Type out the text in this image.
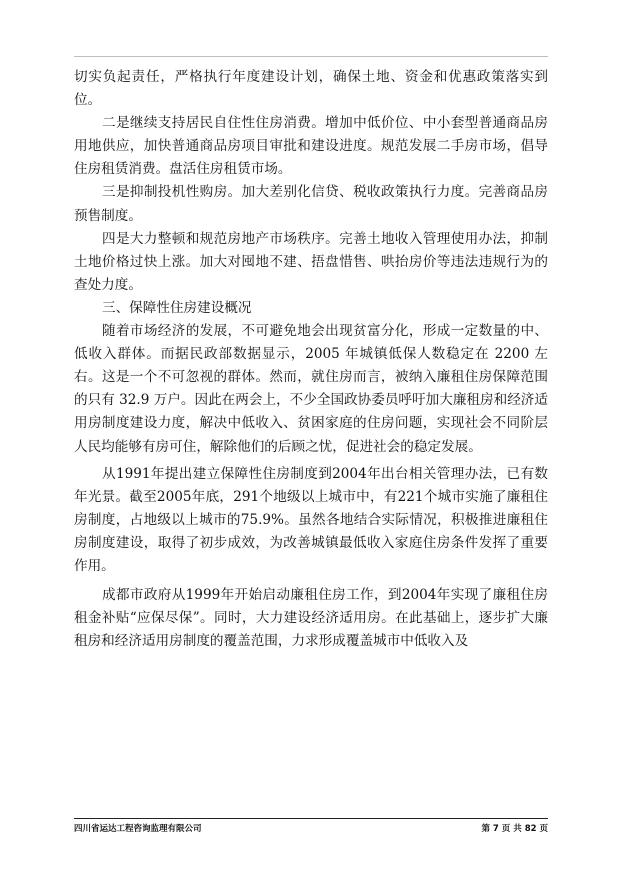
切实负起责任，严格执行年度建设计划，确保土地、资金和优惠政策落实到位。

二是继续支持居民自住性住房消费。增加中低价位、中小套型普通商品房用地供应，加快普通商品房项目审批和建设进度。规范发展二手房市场，倡导住房租赁消费。盘活住房租赁市场。

三是抑制投机性购房。加大差别化信贷、税收政策执行力度。完善商品房预售制度。

四是大力整顿和规范房地产市场秩序。完善土地收入管理使用办法，抑制土地价格过快上涨。加大对囤地不建、捂盘惜售、哄抬房价等违法违规行为的查处力度。

三、保障性住房建设概况

随着市场经济的发展，不可避免地会出现贫富分化，形成一定数量的中、低收入群体。而据民政部数据显示，2005 年城镇低保人数稳定在 2200 左右。这是一个不可忽视的群体。然而，就住房而言，被纳入廉租住房保障范围的只有 32.9 万户。因此在两会上，不少全国政协委员呼吁加大廉租房和经济适用房制度建设力度，解决中低收入、贫困家庭的住房问题，实现社会不同阶层人民均能够有房可住，解除他们的后顾之忧，促进社会的稳定发展。

从1991年提出建立保障性住房制度到2004年出台相关管理办法，已有数年光景。截至2005年底，291个地级以上城市中，有221个城市实施了廉租住房制度，占地级以上城市的75.9%。虽然各地结合实际情况，积极推进廉租住房制度建设，取得了初步成效，为改善城镇最低收入家庭住房条件发挥了重要作用。

成都市政府从1999年开始启动廉租住房工作，到2004年实现了廉租住房租金补贴“应保尽保”。同时，大力建设经济适用房。在此基础上，逐步扩大廉租房和经济适用房制度的覆盖范围，力求形成覆盖城市中低收入及

四川省运达工程咨询监理有限公司	第 7 页 共 82 页
